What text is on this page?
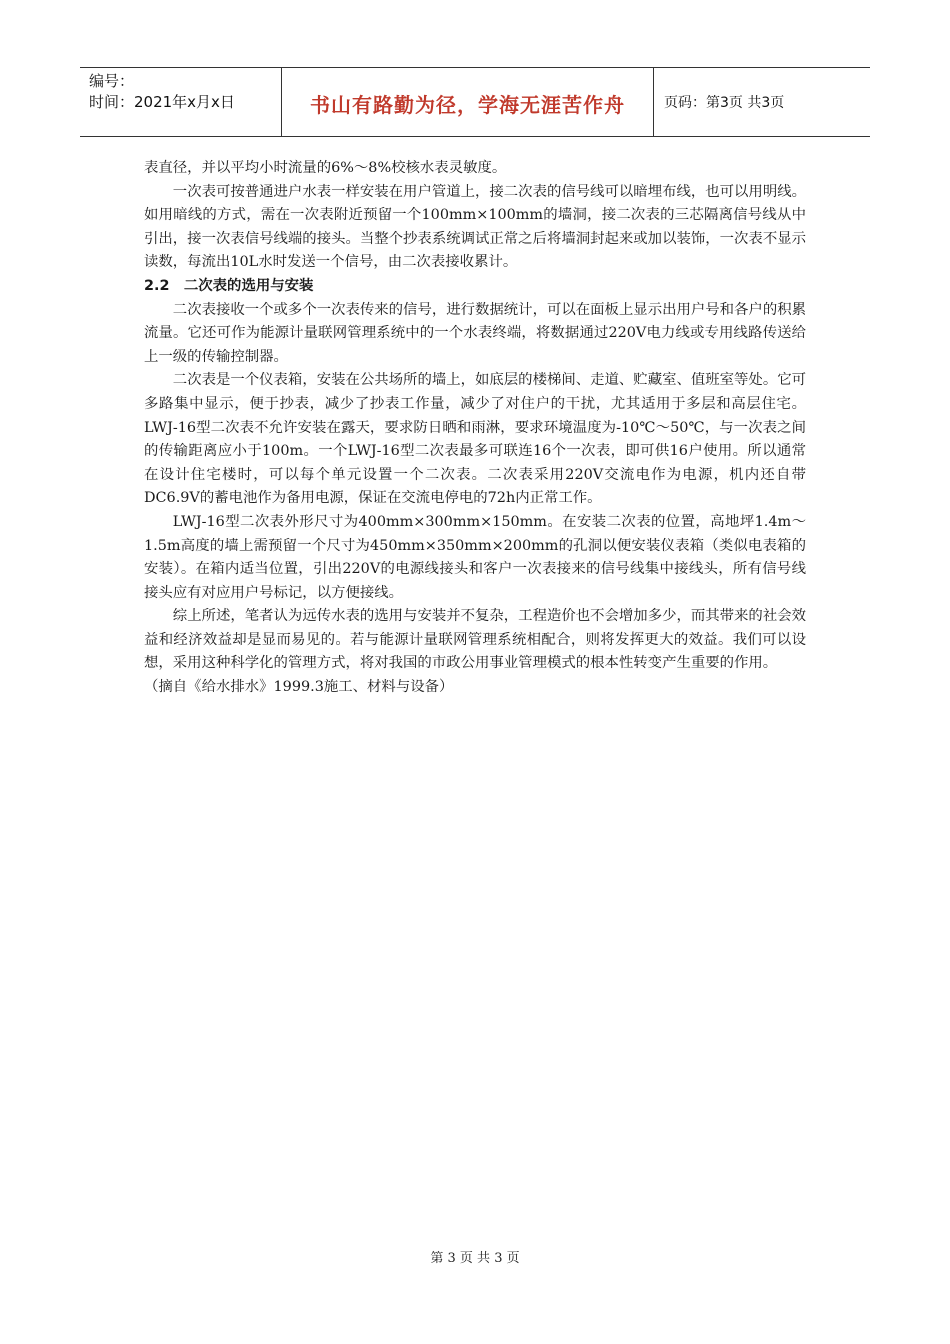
编号：
时间：2021年x月x日	书山有路勤为径，学海无涯苦作舟	页码：第3页 共3页

表直径，并以平均小时流量的6%～8%校核水表灵敏度。

一次表可按普通进户水表一样安装在用户管道上，接二次表的信号线可以暗埋布线，也可以用明线。如用暗线的方式，需在一次表附近预留一个100mm×100mm的墙洞，接二次表的三芯隔离信号线从中引出，接一次表信号线端的接头。当整个抄表系统调试正常之后将墙洞封起来或加以装饰，一次表不显示读数，每流出10L水时发送一个信号，由二次表接收累计。

2.2　二次表的选用与安装

二次表接收一个或多个一次表传来的信号，进行数据统计，可以在面板上显示出用户号和各户的积累流量。它还可作为能源计量联网管理系统中的一个水表终端，将数据通过220V电力线或专用线路传送给上一级的传输控制器。

二次表是一个仪表箱，安装在公共场所的墙上，如底层的楼梯间、走道、贮藏室、值班室等处。它可多路集中显示，便于抄表，减少了抄表工作量，减少了对住户的干扰，尤其适用于多层和高层住宅。LWJ-16型二次表不允许安装在露天，要求防日晒和雨淋，要求环境温度为-10℃～50℃，与一次表之间的传输距离应小于100m。一个LWJ-16型二次表最多可联连16个一次表，即可供16户使用。所以通常在设计住宅楼时，可以每个单元设置一个二次表。二次表采用220V交流电作为电源，机内还自带DC6.9V的蓄电池作为备用电源，保证在交流电停电的72h内正常工作。

LWJ-16型二次表外形尺寸为400mm×300mm×150mm。在安装二次表的位置，高地坪1.4m～1.5m高度的墙上需预留一个尺寸为450mm×350mm×200mm的孔洞以便安装仪表箱（类似电表箱的安装）。在箱内适当位置，引出220V的电源线接头和客户一次表接来的信号线集中接线头，所有信号线接头应有对应用户号标记，以方便接线。

综上所述，笔者认为远传水表的选用与安装并不复杂，工程造价也不会增加多少，而其带来的社会效益和经济效益却是显而易见的。若与能源计量联网管理系统相配合，则将发挥更大的效益。我们可以设想，采用这种科学化的管理方式，将对我国的市政公用事业管理模式的根本性转变产生重要的作用。

（摘自《给水排水》1999.3施工、材料与设备）

第 3 页 共 3 页
